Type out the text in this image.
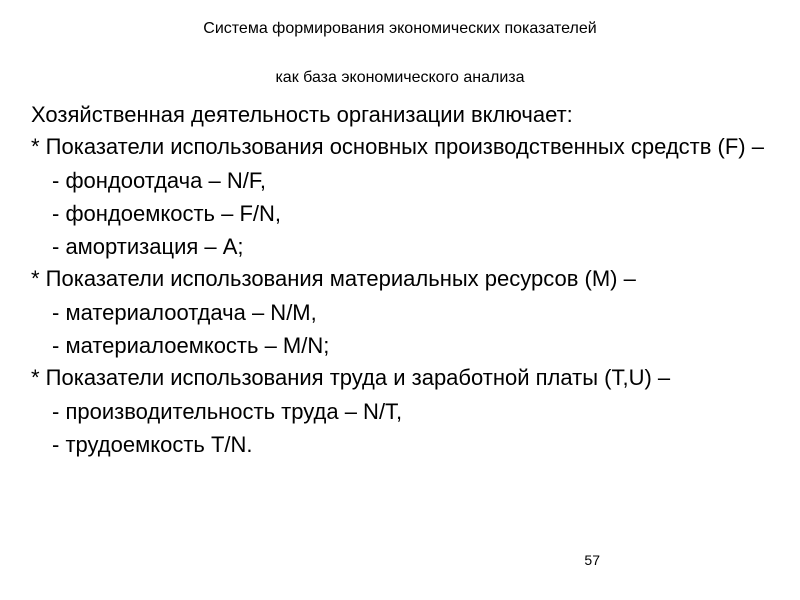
Система формирования экономических показателей
как база экономического анализа
Хозяйственная деятельность организации включает:
* Показатели использования основных производственных средств (F) –
- фондоотдача – N/F,
- фондоемкость – F/N,
- амортизация – A;
* Показатели использования материальных ресурсов (M) –
- материалоотдача – N/M,
- материалоемкость – M/N;
* Показатели использования труда и заработной платы (T,U) –
- производительность труда – N/T,
- трудоемкость T/N.
57
